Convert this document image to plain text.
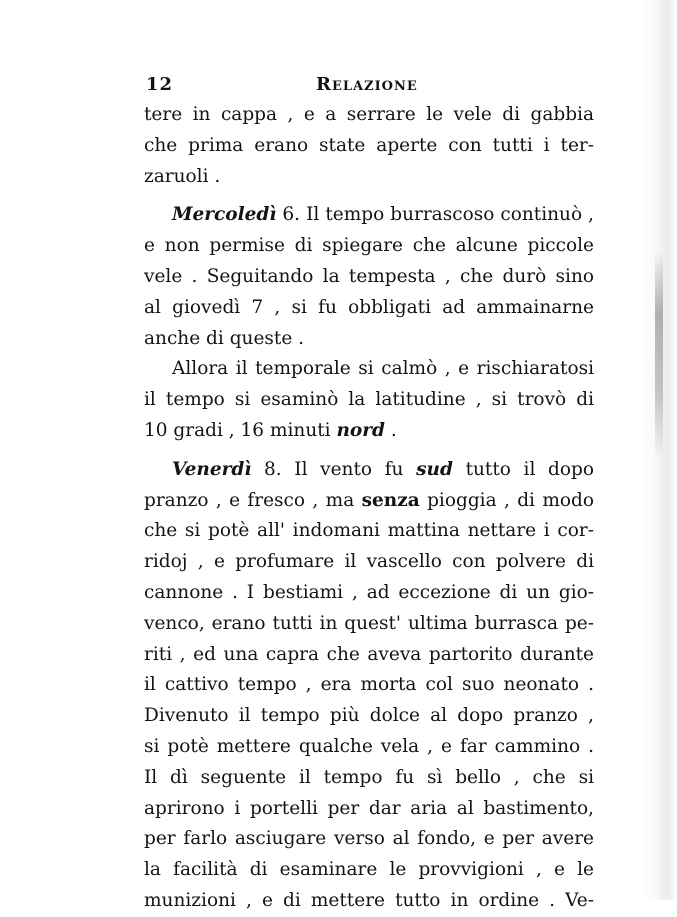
12	Relazione
tere in cappa , e a serrare le vele di gabbia
che prima erano state aperte con tutti i ter-
zaruoli .
Mercoledì 6. Il tempo burrascoso continuò ,
e non permise di spiegare che alcune piccole
vele . Seguitando la tempesta , che durò sino
al giovedì 7 , si fu obbligati ad ammainarne
anche di queste .
Allora il temporale si calmò , e rischiaratosi
il tempo si esaminò la latitudine , si trovò di
10 gradi , 16 minuti nord .
Venerdì 8. Il vento fu sud tutto il dopo
pranzo , e fresco , ma senza pioggia , di modo
che si potè all' indomani mattina nettare i cor-
ridoj , e profumare il vascello con polvere di
cannone . I bestiami , ad eccezione di un gio-
venco, erano tutti in quest' ultima burrasca pe-
riti , ed una capra che aveva partorito durante
il cattivo tempo , era morta col suo neonato .
Divenuto il tempo più dolce al dopo pranzo ,
si potè mettere qualche vela , e far cammino .
Il dì seguente il tempo fu sì bello , che si
aprirono i portelli per dar aria al bastimento,
per farlo asciugare verso al fondo, e per avere
la facilità di esaminare le provvigioni , e le
munizioni , e di mettere tutto in ordine . Ve-
